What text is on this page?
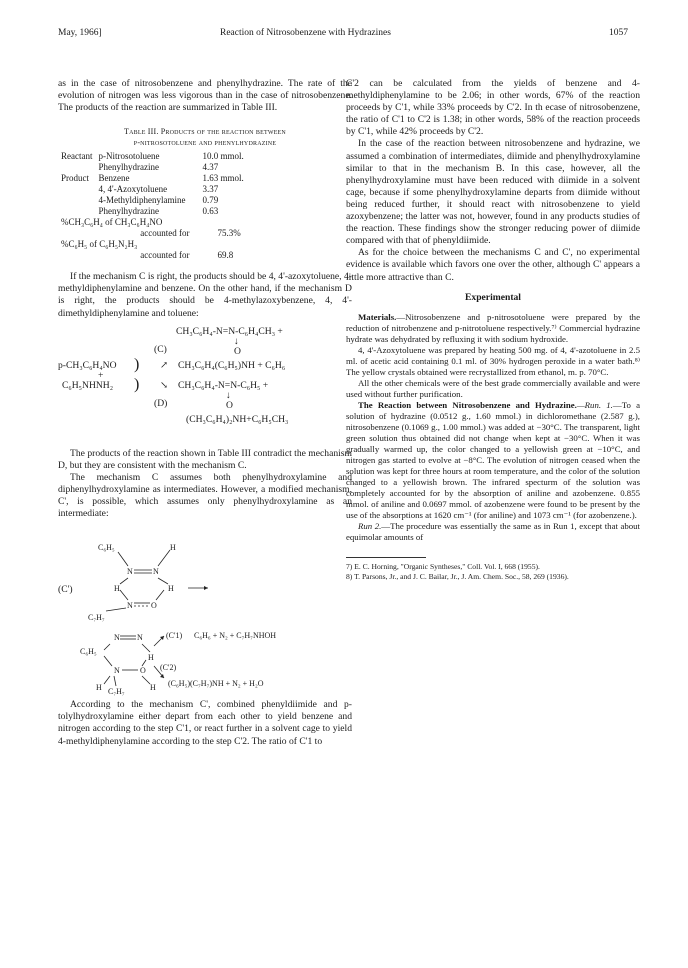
May, 1966]	Reaction of Nitrosobenzene with Hydrazines	1057

as in the case of nitrosobenzene and phenylhydrazine. The rate of the evolution of nitrogen was less vigorous than in the case of nitrosobenzene. The products of the reaction are summarized in Table III.

Table III. Products of the reaction between
p-nitrosotoluene and phenylhydrazine
Reactant	p-Nitrosotoluene	10.0 mmol.
	Phenylhydrazine	4.37
Product	Benzene	1.63 mmol.
	4, 4'-Azoxytoluene	3.37
	4-Methyldiphenylamine	0.79
	Phenylhydrazine	0.63
%CH₃C₆H₄ of CH₃C₆H₄NO		
	accounted for	75.3%
%C₆H₅ of C₆H₅N₂H₃		
	accounted for	69.8

If the mechanism C is right, the products should be 4, 4'-azoxytoluene, 4-methyldiphenylamine and benzene. On the other hand, if the mechanism D is right, the products should be 4-methylazoxybenzene, 4, 4'-dimethyldiphenylamine and toluene:

CH₃C₆H₄-N=N-C₆H₄CH₃ +
↓
(C)	O
p-CH₃C₆H₄NO
+
C₆H₅NHNH₂
)
)
↗ CH₃C₆H₄(C₆H₅)NH + C₆H₆
↘ CH₃C₆H₄-N=N-C₆H₅ +
(D)
↓
O
(CH₃C₆H₄)₂NH+C₆H₅CH₃

The products of the reaction shown in Table III contradict the mechanism D, but they are consistent with the mechanism C.

The mechanism C assumes both phenylhydroxylamine and diphenylhydroxylamine as intermediates. However, a modified mechanism, C', is possible, which assumes only phenylhydroxylamine as an intermediate:

C₆H₅	H
N	N
(C')	H	H
N O
C₇H₇
N N	(C'1) C₆H₆ + N₂ + C₇H₇NHOH
C₆H₅
H
N	O (C'2)
H	H (C₆H₅)(C₇H₇)NH + N₂ + H₂O
C₇H₇

According to the mechanism C', combined phenyldiimide and p-tolylhydroxylamine either depart from each other to yield benzene and nitrogen according to the step C'1, or react further in a solvent cage to yield 4-methyldiphenylamine according to the step C'2. The ratio of C'1 to

C'2 can be calculated from the yields of benzene and 4-methyldiphenylamine to be 2.06; in other words, 67% of the reaction proceeds by C'1, while 33% proceeds by C'2. In th ecase of nitrosobenzene, the ratio of C'1 to C'2 is 1.38; in other words, 58% of the reaction proceeds by C'1, while 42% proceeds by C'2.

In the case of the reaction between nitrosobenzene and hydrazine, we assumed a combination of intermediates, diimide and phenylhydroxylamine similar to that in the mechanism B. In this case, however, all the phenylhydroxylamine must have been reduced with diimide in a solvent cage, because if some phenylhydroxylamine departs from diimide without being reduced further, it should react with nitrosobenzene to yield azoxybenzene; the latter was not, however, found in any products studies of the reaction. These findings show the stronger reducing power of diimide compared with that of phenyldiimide.

As for the choice between the mechanisms C and C', no experimental evidence is available which favors one over the other, although C' appears a little more attractive than C.

Experimental

Materials.—Nitrosobenzene and p-nitrosotoluene were prepared by the reduction of nitrobenzene and p-nitrotoluene respectively.⁷⁾ Commercial hydrazine hydrate was dehydrated by refluxing it with sodium hydroxide.

4, 4'-Azoxytoluene was prepared by heating 500 mg. of 4, 4'-azotoluene in 2.5 ml. of acetic acid containing 0.1 ml. of 30% hydrogen peroxide in a water bath.⁸⁾ The yellow crystals obtained were recrystallized from ethanol, m. p. 70°C.

All the other chemicals were of the best grade commercially available and were used without further purification.

The Reaction between Nitrosobenzene and Hydrazine.—Run. 1.—To a solution of hydrazine (0.0512 g., 1.60 mmol.) in dichloromethane (2.587 g.), nitrosobenzene (0.1069 g., 1.00 mmol.) was added at −30°C. The transparent, light green solution thus obtained did not change when kept at −30°C. When it was gradually warmed up, the color changed to a yellowish green at −10°C, and nitrogen gas started to evolve at −8°C. The evolution of nitrogen ceased when the solution was kept for three hours at room temperature, and the color of the solution changed to a yellowish brown. The infrared specturm of the solution was completely accounted for by the absorption of aniline and azobenzene. 0.855 mmol. of aniline and 0.0697 mmol. of azobenzene were found to be present by the use of the absorptions at 1620 cm⁻¹ (for aniline) and 1073 cm⁻¹ (for azobenzene.).

Run 2.—The procedure was essentially the same as in Run 1, except that about equimolar amounts of

7) E. C. Horning, "Organic Syntheses," Coll. Vol. I, 668 (1955).
8) T. Parsons, Jr., and J. C. Bailar, Jr., J. Am. Chem. Soc., 58, 269 (1936).
